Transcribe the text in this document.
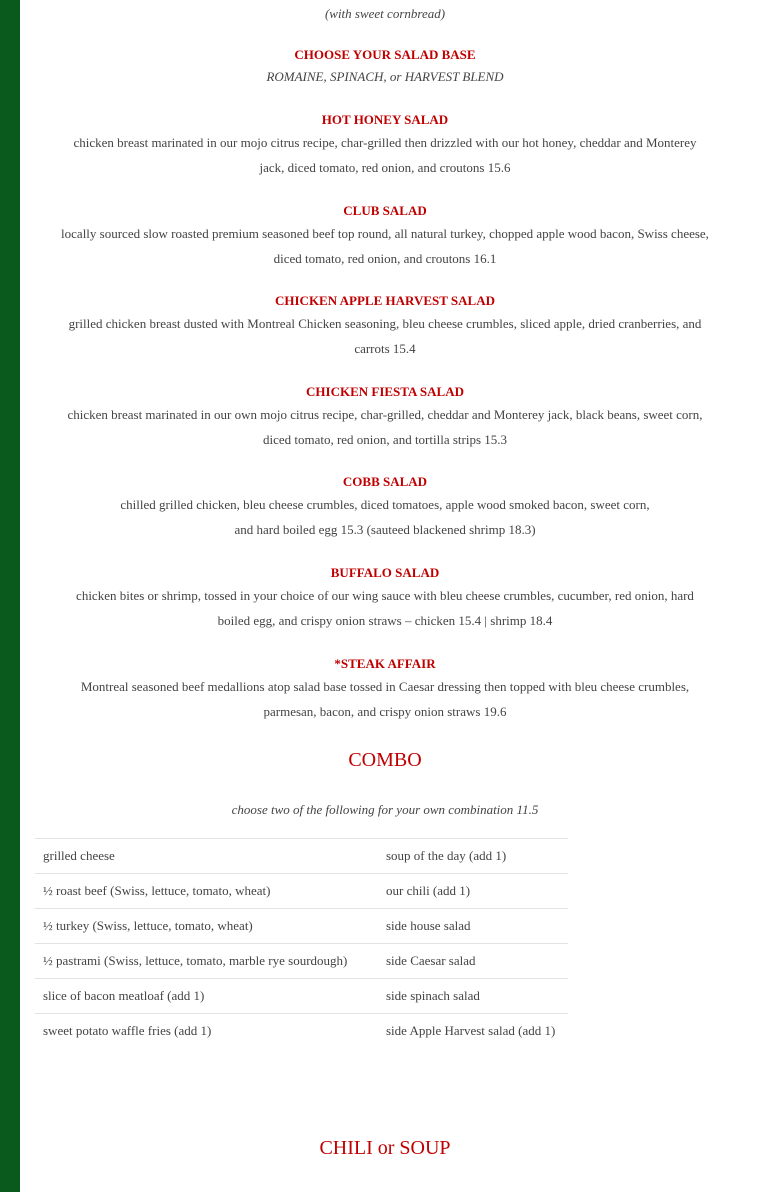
(with sweet cornbread)

CHOOSE YOUR SALAD BASE

ROMAINE, SPINACH, or HARVEST BLEND

HOT HONEY SALAD

chicken breast marinated in our mojo citrus recipe, char-grilled then drizzled with our hot honey, cheddar and Monterey
jack, diced tomato, red onion, and croutons 15.6

CLUB SALAD

locally sourced slow roasted premium seasoned beef top round, all natural turkey, chopped apple wood bacon, Swiss cheese,
diced tomato, red onion, and croutons 16.1

CHICKEN APPLE HARVEST SALAD

grilled chicken breast dusted with Montreal Chicken seasoning, bleu cheese crumbles, sliced apple, dried cranberries, and
carrots 15.4

CHICKEN FIESTA SALAD

chicken breast marinated in our own mojo citrus recipe, char-grilled, cheddar and Monterey jack, black beans, sweet corn,
diced tomato, red onion, and tortilla strips 15.3

COBB SALAD

chilled grilled chicken, bleu cheese crumbles, diced tomatoes, apple wood smoked bacon, sweet corn,
and hard boiled egg 15.3 (sauteed blackened shrimp 18.3)

BUFFALO SALAD

chicken bites or shrimp, tossed in your choice of our wing sauce with bleu cheese crumbles, cucumber, red onion, hard
boiled egg, and crispy onion straws – chicken 15.4 | shrimp 18.4

*STEAK AFFAIR

Montreal seasoned beef medallions atop salad base tossed in Caesar dressing then topped with bleu cheese crumbles,
parmesan, bacon, and crispy onion straws 19.6

COMBO

choose two of the following for your own combination 11.5

grilled cheese	soup of the day (add 1)
½ roast beef (Swiss, lettuce, tomato, wheat)	our chili (add 1)
½ turkey (Swiss, lettuce, tomato, wheat)	side house salad
½ pastrami (Swiss, lettuce, tomato, marble rye sourdough)	side Caesar salad
slice of bacon meatloaf (add 1)	side spinach salad
sweet potato waffle fries (add 1)	side Apple Harvest salad (add 1)
CHILI or SOUP
